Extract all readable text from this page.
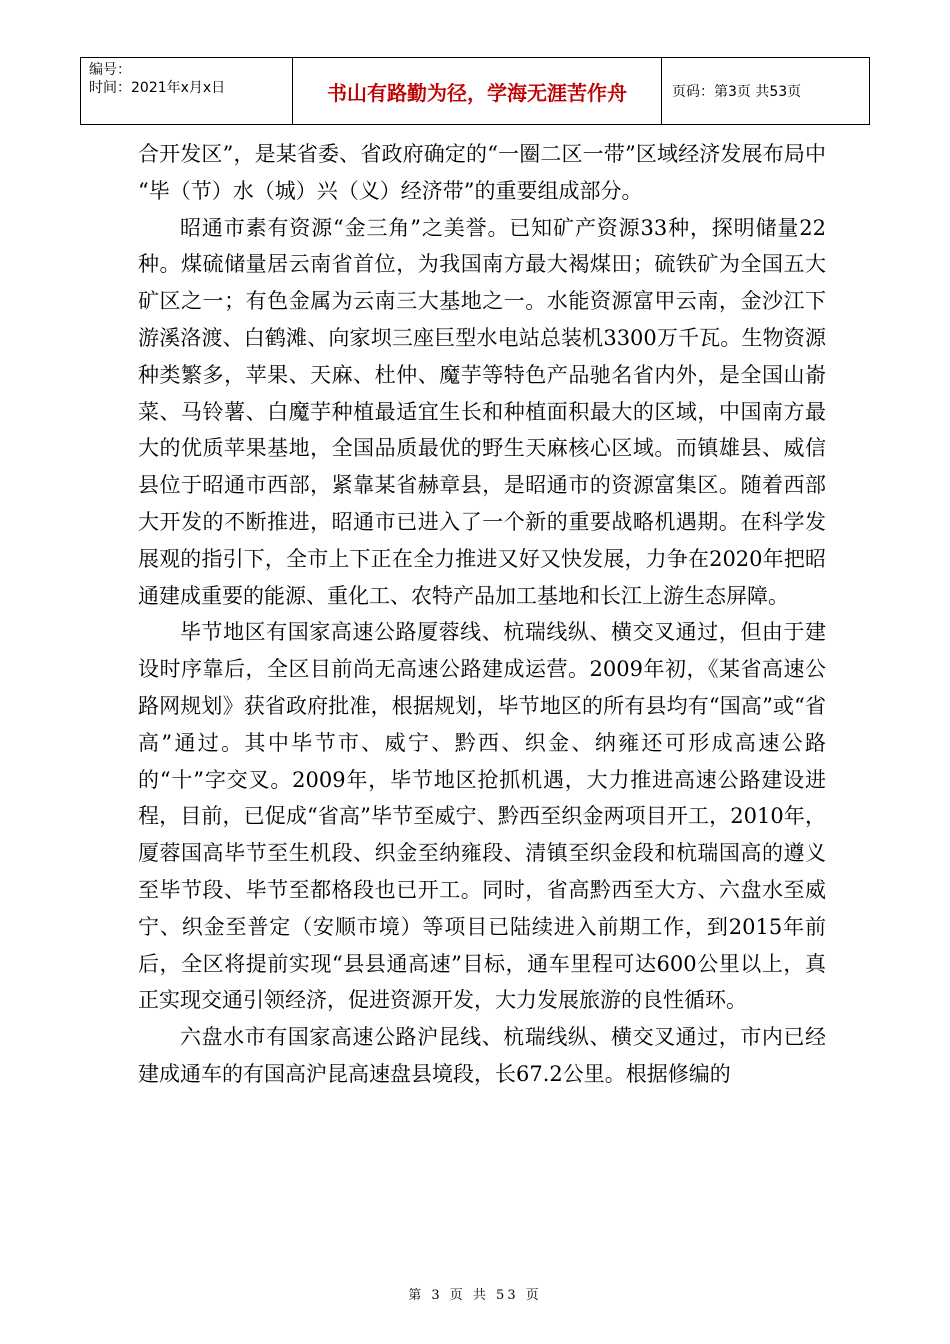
编号：
时间：2021年x月x日	书山有路勤为径，学海无涯苦作舟	页码：第3页 共53页

合开发区”，是某省委、省政府确定的“一圈二区一带”区域经济发展布局中 “毕（节）水（城）兴（义）经济带”的重要组成部分。

昭通市素有资源“金三角”之美誉。已知矿产资源33种，探明储量22种。煤硫储量居云南省首位，为我国南方最大褐煤田；硫铁矿为全国五大矿区之一；有色金属为云南三大基地之一。水能资源富甲云南，金沙江下游溪洛渡、白鹤滩、向家坝三座巨型水电站总装机3300万千瓦。生物资源种类繁多，苹果、天麻、杜仲、魔芋等特色产品驰名省内外，是全国山嵛菜、马铃薯、白魔芋种植最适宜生长和种植面积最大的区域，中国南方最大的优质苹果基地，全国品质最优的野生天麻核心区域。而镇雄县、威信县位于昭通市西部，紧靠某省赫章县，是昭通市的资源富集区。随着西部大开发的不断推进，昭通市已进入了一个新的重要战略机遇期。在科学发展观的指引下，全市上下正在全力推进又好又快发展，力争在2020年把昭通建成重要的能源、重化工、农特产品加工基地和长江上游生态屏障。

毕节地区有国家高速公路厦蓉线、杭瑞线纵、横交叉通过，但由于建设时序靠后，全区目前尚无高速公路建成运营。2009年初，《某省高速公路网规划》获省政府批准，根据规划，毕节地区的所有县均有“国高”或“省高”通过。其中毕节市、威宁、黔西、织金、纳雍还可形成高速公路的“十”字交叉。2009年，毕节地区抢抓机遇，大力推进高速公路建设进程，目前，已促成“省高”毕节至威宁、黔西至织金两项目开工，2010年，厦蓉国高毕节至生机段、织金至纳雍段、清镇至织金段和杭瑞国高的遵义至毕节段、毕节至都格段也已开工。同时，省高黔西至大方、六盘水至威宁、织金至普定（安顺市境）等项目已陆续进入前期工作，到2015年前后，全区将提前实现“县县通高速”目标，通车里程可达600公里以上，真正实现交通引领经济，促进资源开发，大力发展旅游的良性循环。

六盘水市有国家高速公路沪昆线、杭瑞线纵、横交叉通过，市内已经建成通车的有国高沪昆高速盘县境段，长67.2公里。根据修编的

第 3 页 共 53 页
